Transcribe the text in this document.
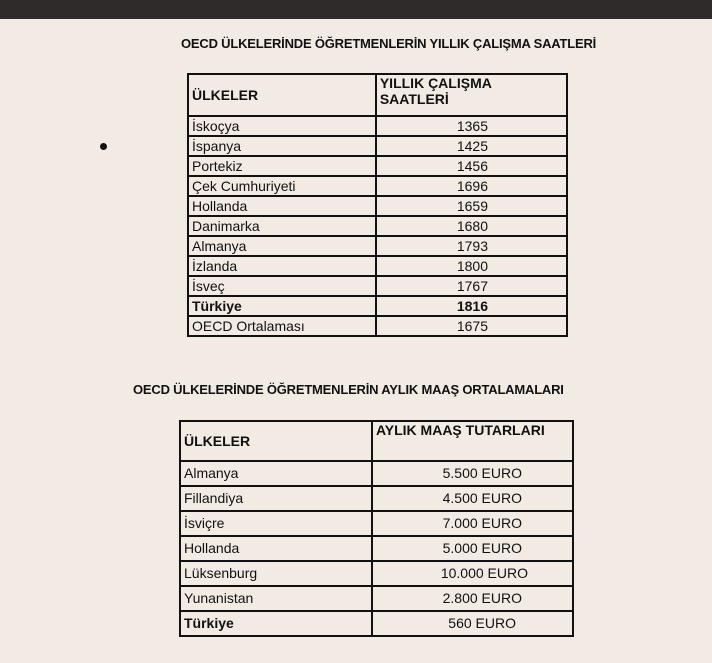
OECD ÜLKELERİNDE ÖĞRETMENLERİN YILLIK ÇALIŞMA SAATLERİ
ÜLKELER	YILLIK ÇALIŞMA SAATLERİ
İskoçya	1365
İspanya	1425
Portekiz	1456
Çek Cumhuriyeti	1696
Hollanda	1659
Danimarka	1680
Almanya	1793
İzlanda	1800
İsveç	1767
Türkiye	1816
OECD Ortalaması	1675
OECD ÜLKELERİNDE ÖĞRETMENLERİN AYLIK MAAŞ ORTALAMALARI
ÜLKELER	AYLIK MAAŞ TUTARLARI
Almanya	5.500 EURO
Fillandiya	4.500 EURO
İsviçre	7.000 EURO
Hollanda	5.000 EURO
Lüksenburg	10.000 EURO
Yunanistan	2.800 EURO
Türkiye	560 EURO
